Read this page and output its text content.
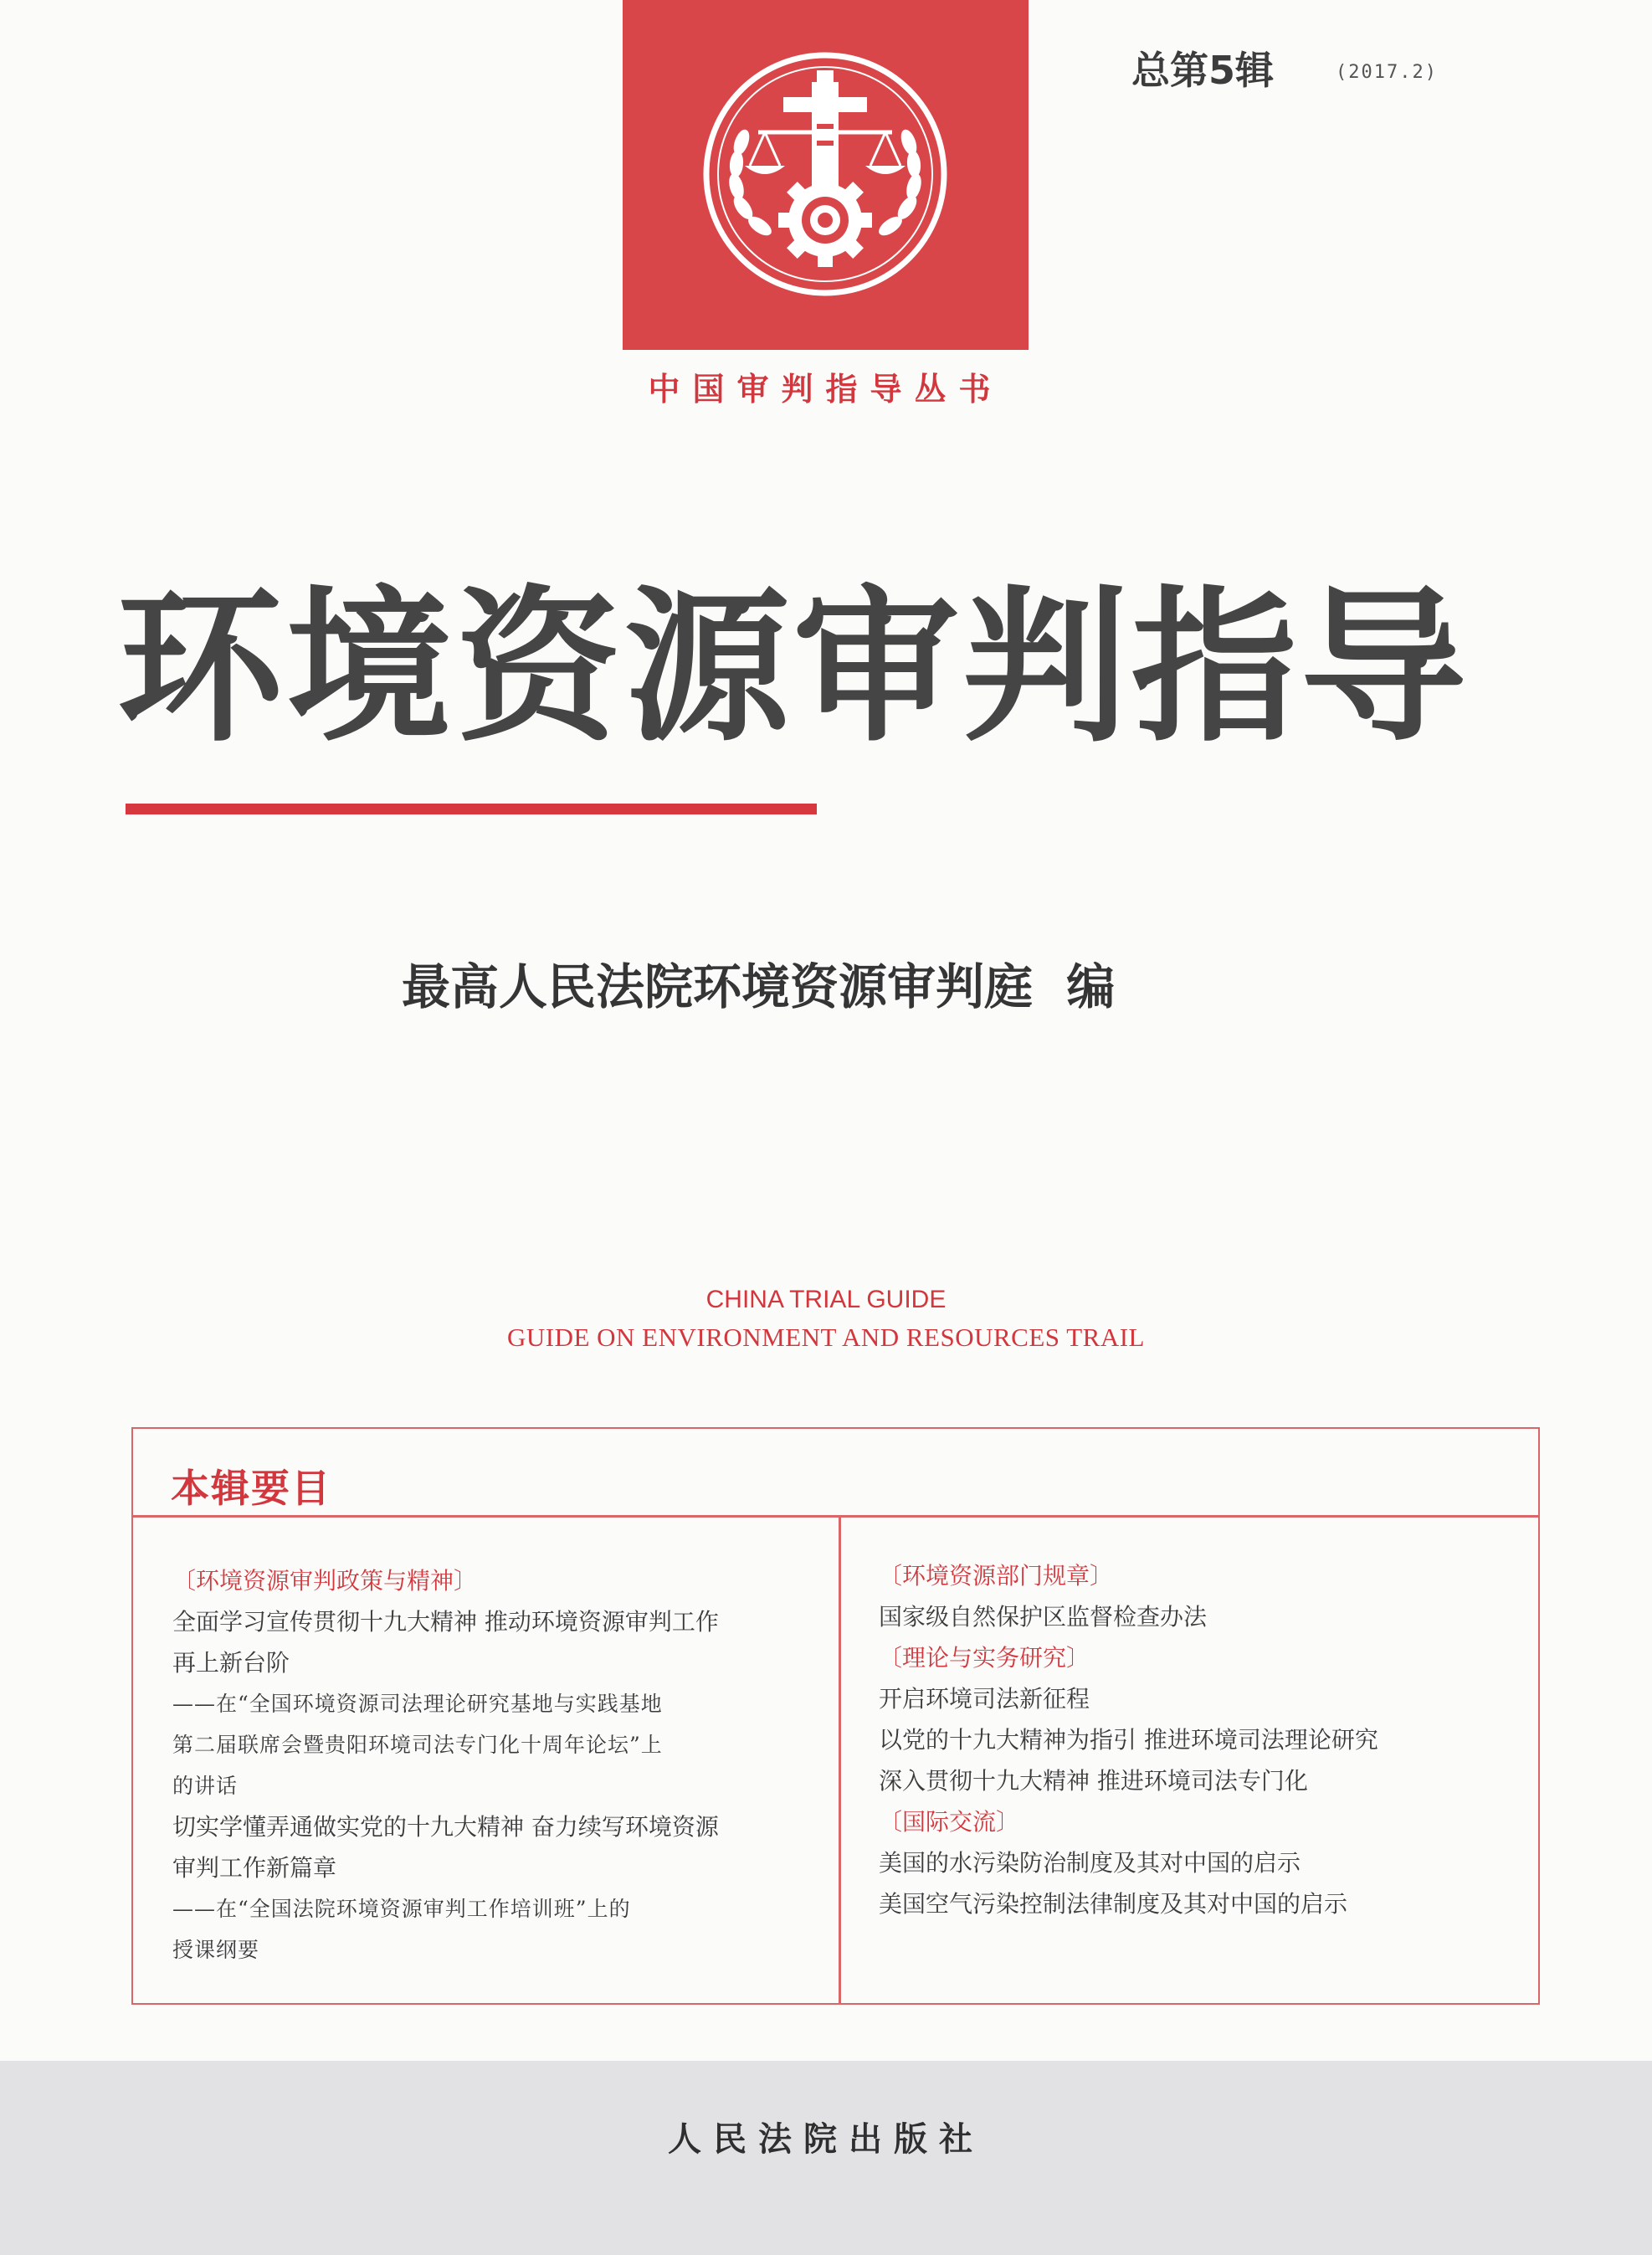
中国审判指导丛书
总第5辑	(2017.2)
环境资源审判指导
最高人民法院环境资源审判庭  编
CHINA TRIAL GUIDE
GUIDE ON ENVIRONMENT AND RESOURCES TRAIL
本辑要目
〔环境资源审判政策与精神〕
全面学习宣传贯彻十九大精神 推动环境资源审判工作
再上新台阶
——在“全国环境资源司法理论研究基地与实践基地
第二届联席会暨贵阳环境司法专门化十周年论坛”上
的讲话
切实学懂弄通做实党的十九大精神 奋力续写环境资源
审判工作新篇章
——在“全国法院环境资源审判工作培训班”上的
授课纲要
〔环境资源部门规章〕
国家级自然保护区监督检查办法
〔理论与实务研究〕
开启环境司法新征程
以党的十九大精神为指引 推进环境司法理论研究
深入贯彻十九大精神 推进环境司法专门化
〔国际交流〕
美国的水污染防治制度及其对中国的启示
美国空气污染控制法律制度及其对中国的启示
人民法院出版社
